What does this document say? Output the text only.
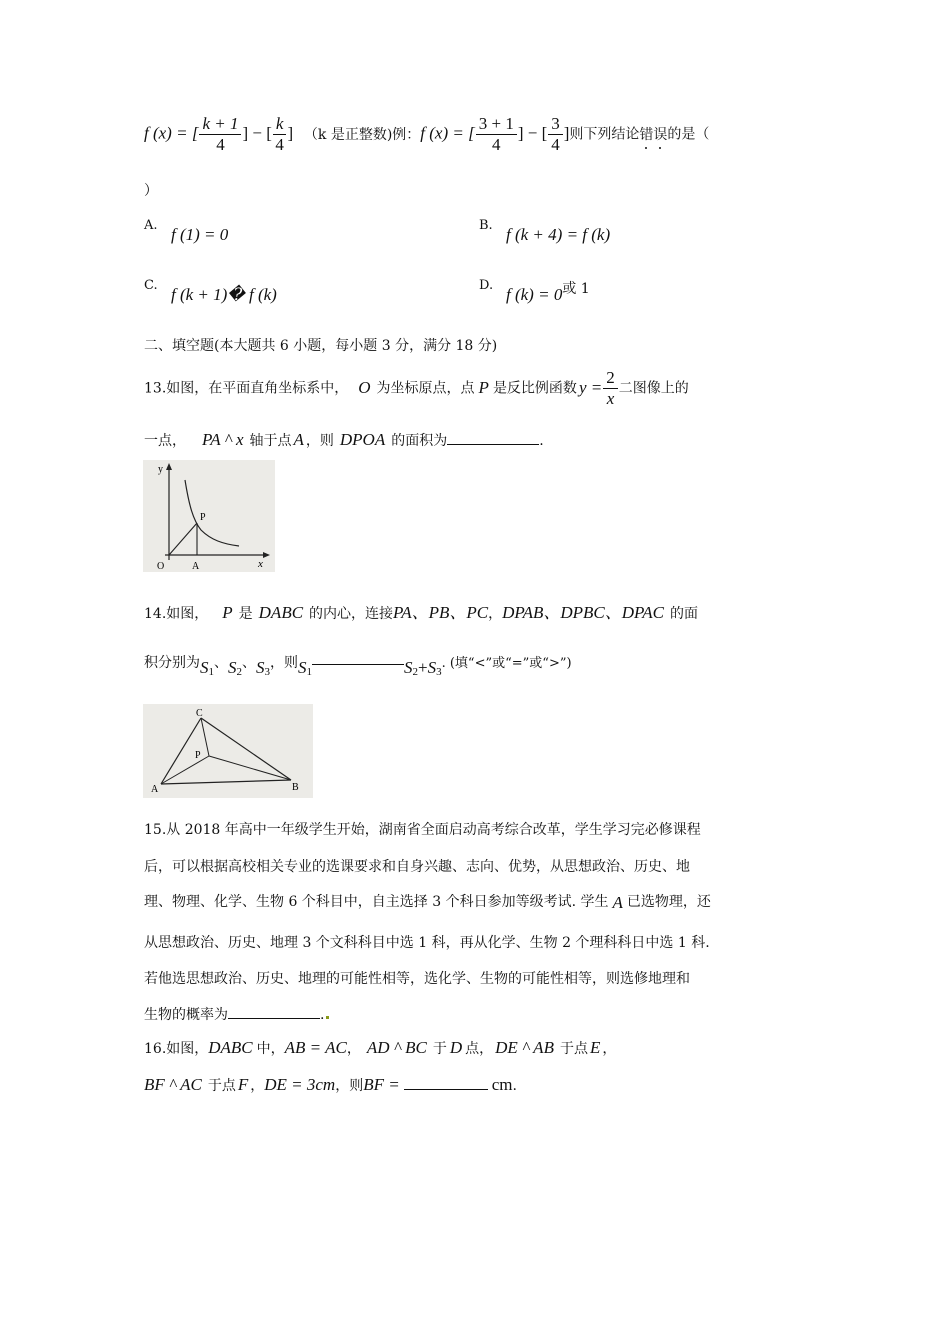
f (x) = [ $\frac{k + 1}{4}$ ] − [ $\frac{k}{4}$ ] （k 是正整数)例：f (x) = [ $\frac{3 + 1}{4}$ ] − [ $\frac{3}{4}$ ]则下列结论错误的是（
）
A. f (1) = 0	B. f (k + 4) = f (k)
C. f (k + 1)� f (k)	D. f (k) = 0或 1
二、填空题(本大题共 6 小题，每小题 3 分，满分 18 分)
13.如图，在平面直角坐标系中， O 为坐标原点，点 P 是反比例函数 $y = \frac{2}{x}$ 二图像上的
一点， PA ^ x 轴于点 A ，则 DPOA 的面积为	.
y
P
O	A	x
14.如图， P 是 DABC 的内心，连接PA、PB、PC，DPAB、DPBC、DPAC 的面
积分别为$S_1$、$S_2$、$S_3$，则$S_1$	$S_2+S_3$. (填“<”或“=”或“>”)
C
P
A	B
15.从 2018 年高中一年级学生开始，湖南省全面启动高考综合改革，学生学习完必修课程
后，可以根据高校相关专业的选课要求和自身兴趣、志向、优势，从思想政治、历史、地
理、物理、化学、生物 6 个科目中，自主选择 3 个科日参加等级考试. 学生 A 已选物理，还
从思想政治、历史、地理 3 个文科科目中选 1 科，再从化学、生物 2 个理科科日中选 1 科.
若他选思想政治、历史、地理的可能性相等，选化学、生物的可能性相等，则选修地理和
生物的概率为	.
16.如图，DABC 中，AB = AC， AD ^ BC 于 D 点， DE ^ AB 于点 E ，
BF ^ AC 于点 F ，DE = 3cm，则BF =	cm.
